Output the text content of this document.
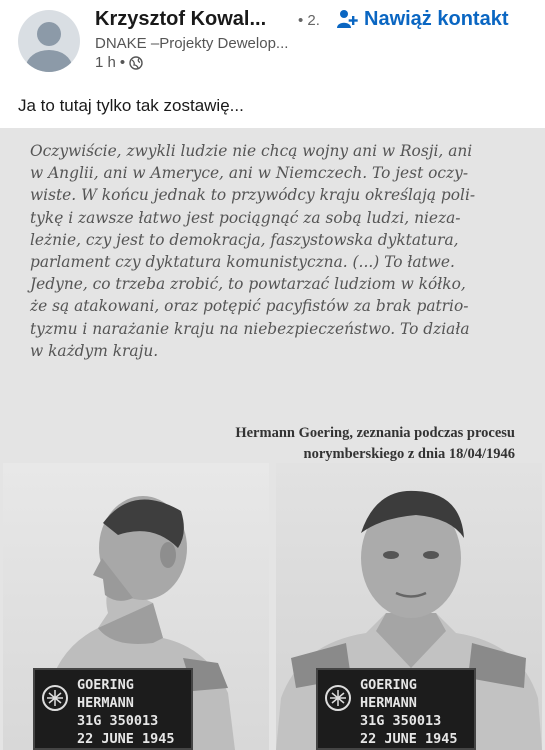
Krzysztof Kowal... • 2. Nawiąż kontakt
DNAKE –Projekty Dewelop...
1 h •
Ja to tutaj tylko tak zostawię...
Oczywiście, zwykli ludzie nie chcą wojny ani w Rosji, ani
w Anglii, ani w Ameryce, ani w Niemczech. To jest oczy-
wiste. W końcu jednak to przywódcy kraju określają poli-
tykę i zawsze łatwo jest pociągnąć za sobą ludzi, nieza-
leżnie, czy jest to demokracja, faszystowska dyktatura,
parlament czy dyktatura komunistyczna. (...) To łatwe.
Jedyne, co trzeba zrobić, to powtarzać ludziom w kółko,
że są atakowani, oraz potępić pacyfistów za brak patrio-
tyzmu i narażanie kraju na niebezpieczeństwo. To działa
w każdym kraju.
Hermann Goering, zeznania podczas procesu
norymberskiego z dnia 18/04/1946
GOERING
HERMANN
31G 350013
22 JUNE 1945
GOERING
HERMANN
31G 350013
22 JUNE 1945
